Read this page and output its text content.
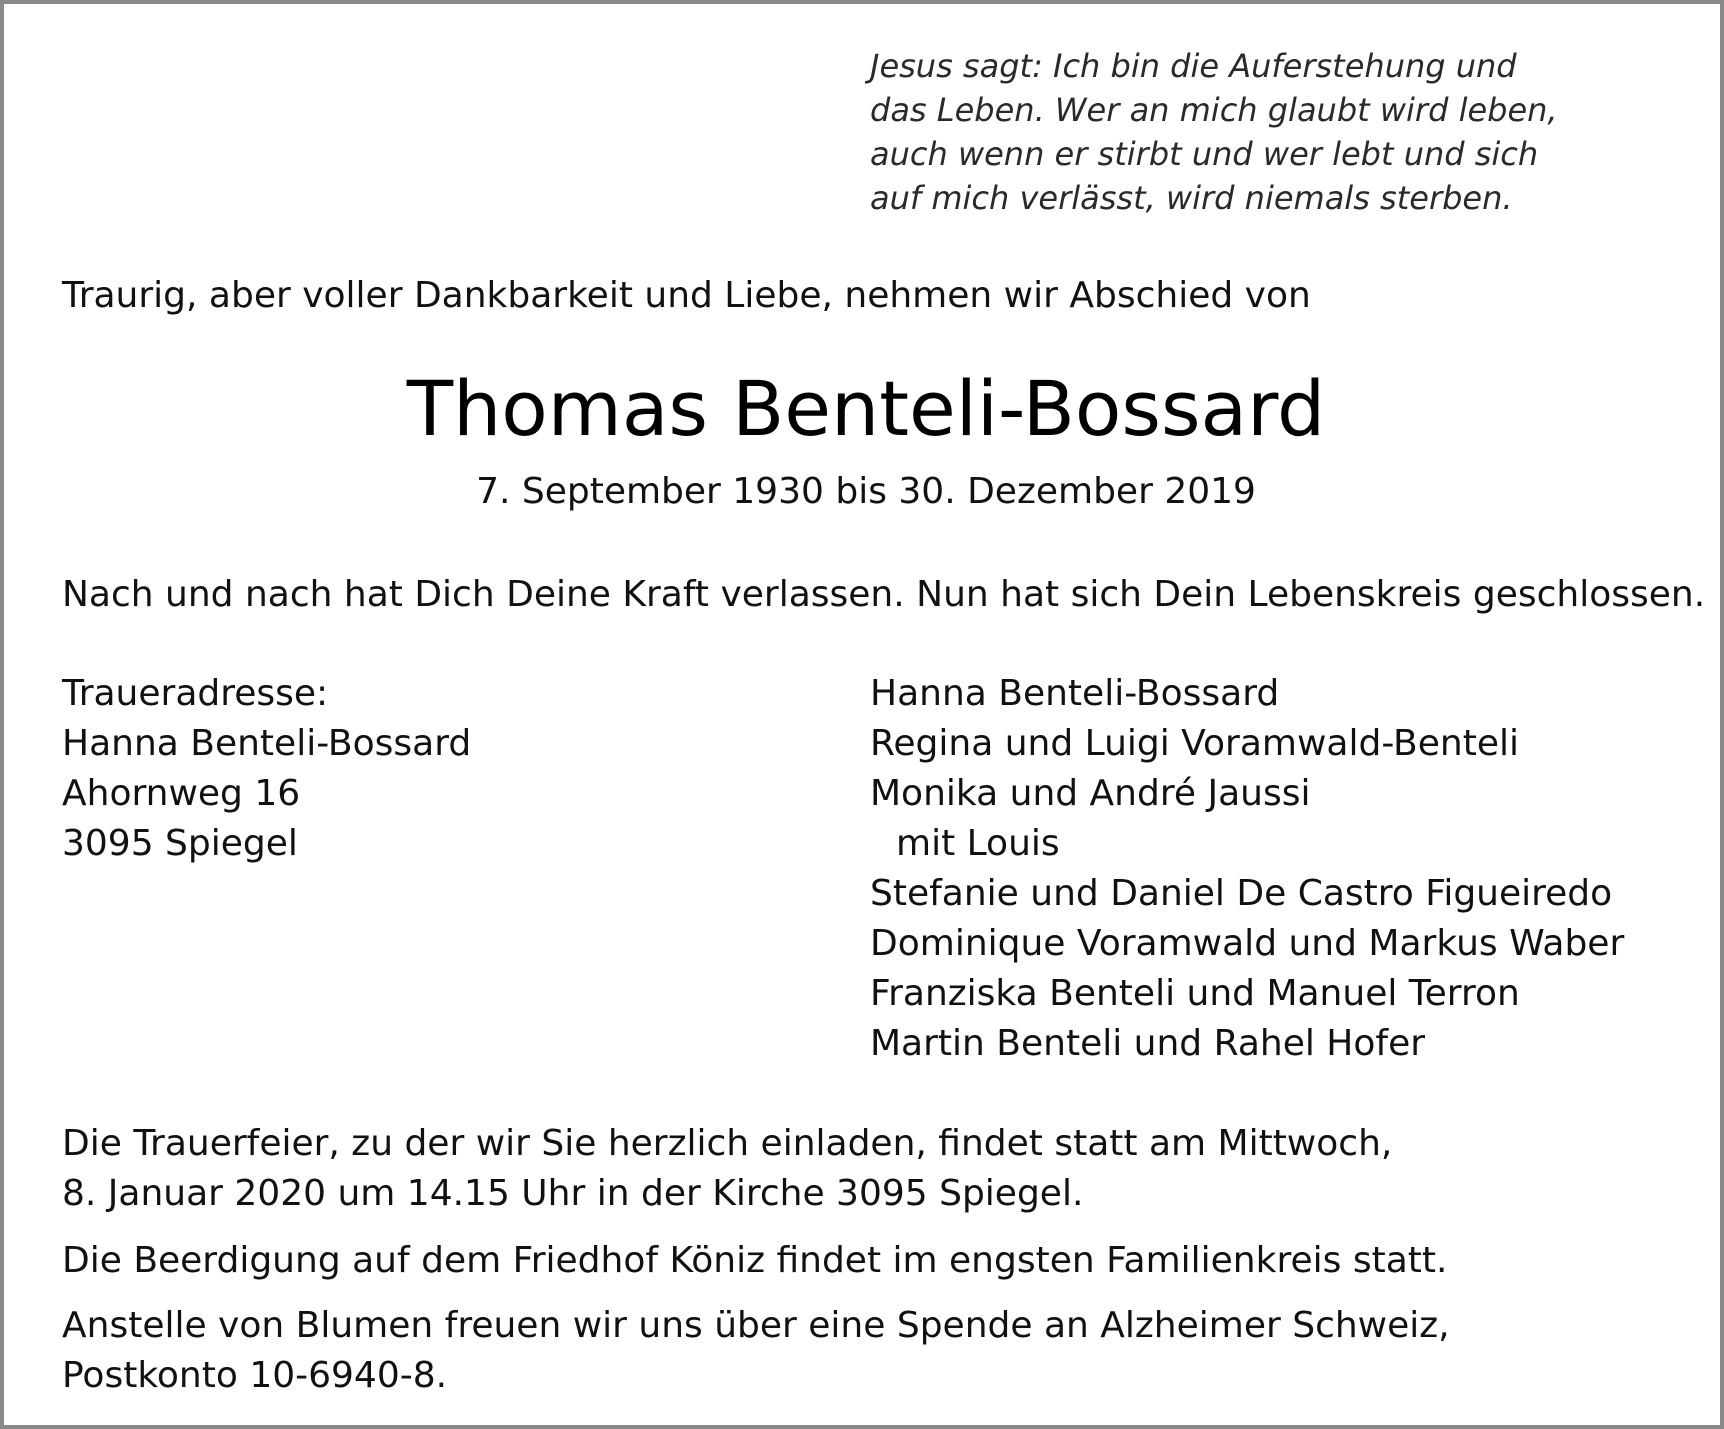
Jesus sagt: Ich bin die Auferstehung und
das Leben. Wer an mich glaubt wird leben,
auch wenn er stirbt und wer lebt und sich
auf mich verlässt, wird niemals sterben.
Traurig, aber voller Dankbarkeit und Liebe, nehmen wir Abschied von
Thomas Benteli-Bossard
7. September 1930 bis 30. Dezember 2019
Nach und nach hat Dich Deine Kraft verlassen. Nun hat sich Dein Lebenskreis geschlossen.
Traueradresse:
Hanna Benteli-Bossard
Ahornweg 16
3095 Spiegel
Hanna Benteli-Bossard
Regina und Luigi Voramwald-Benteli
Monika und André Jaussi
mit Louis
Stefanie und Daniel De Castro Figueiredo
Dominique Voramwald und Markus Waber
Franziska Benteli und Manuel Terron
Martin Benteli und Rahel Hofer
Die Trauerfeier, zu der wir Sie herzlich einladen, findet statt am Mittwoch,
8. Januar 2020 um 14.15 Uhr in der Kirche 3095 Spiegel.
Die Beerdigung auf dem Friedhof Köniz findet im engsten Familienkreis statt.
Anstelle von Blumen freuen wir uns über eine Spende an Alzheimer Schweiz,
Postkonto 10-6940-8.
